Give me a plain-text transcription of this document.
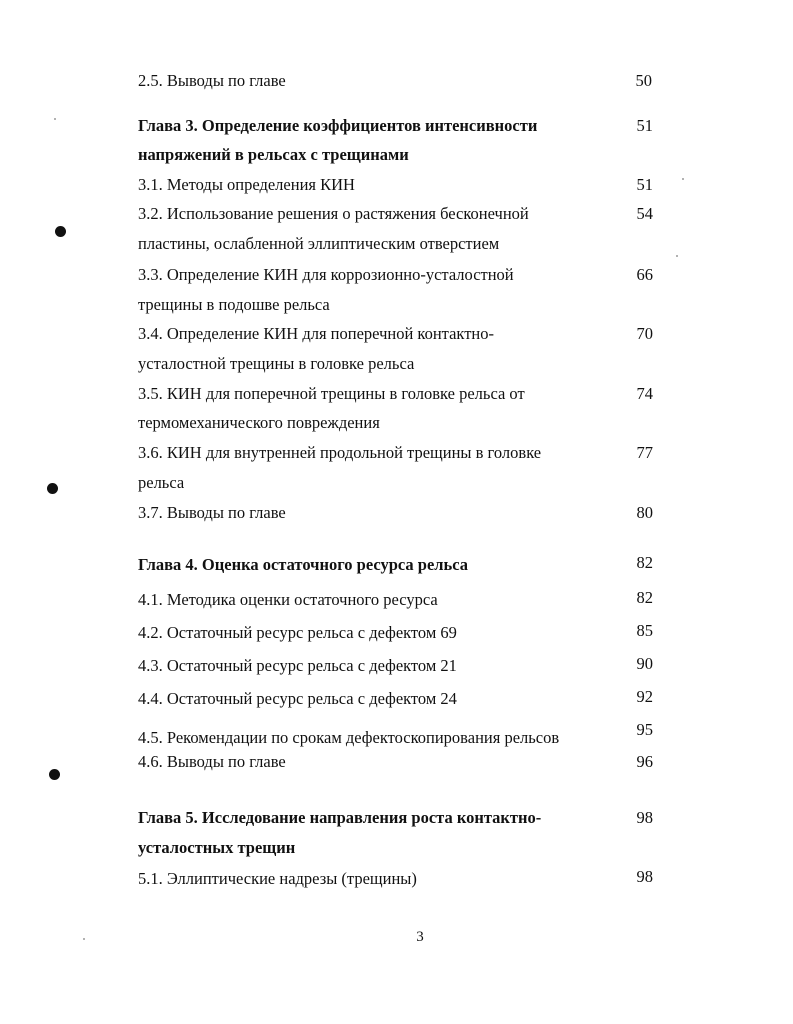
2.5. Выводы по главе	50
Глава 3. Определение коэффициентов интенсивности	51
напряжений в рельсах с трещинами
3.1. Методы определения КИН	51
3.2. Использование решения о растяжения бесконечной	54
пластины, ослабленной эллиптическим отверстием
3.3. Определение КИН для коррозионно-усталостной	66
трещины в подошве рельса
3.4. Определение КИН для поперечной контактно-	70
усталостной трещины в головке рельса
3.5. КИН для поперечной трещины в головке рельса от	74
термомеханического повреждения
3.6. КИН для внутренней продольной трещины в головке	77
рельса
3.7. Выводы по главе	80
Глава 4. Оценка остаточного ресурса рельса	82
4.1. Методика оценки остаточного ресурса	82
4.2. Остаточный ресурс рельса с дефектом 69	85
4.3. Остаточный ресурс рельса с дефектом 21	90
4.4. Остаточный ресурс рельса с дефектом 24	92
4.5. Рекомендации по срокам дефектоскопирования рельсов	95
4.6. Выводы по главе	96
Глава 5. Исследование направления роста контактно-	98
усталостных трещин
5.1. Эллиптические надрезы (трещины)	98
3
